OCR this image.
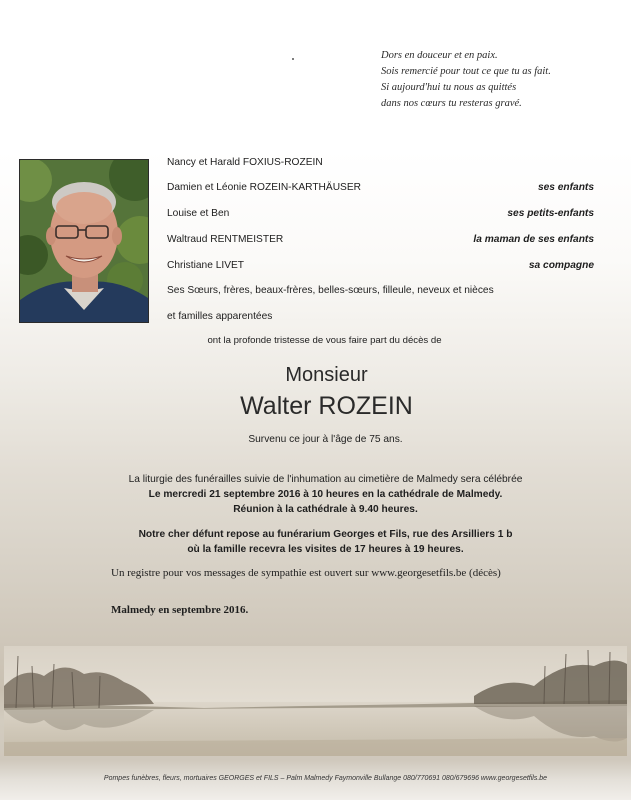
Dors en douceur et en paix.
Sois remercié pour tout ce que tu as fait.
Si aujourd'hui tu nous as quittés
dans nos cœurs tu resteras gravé.
Nancy et Harald FOXIUS-ROZEIN
Damien et Léonie ROZEIN-KARTHÄUSER	ses enfants
Louise et Ben	ses petits-enfants
Waltraud RENTMEISTER	la maman de ses enfants
Christiane LIVET	sa compagne
Ses Sœurs, frères, beaux-frères, belles-sœurs, filleule, neveux et nièces
et familles apparentées
ont la profonde tristesse de vous faire part du décès de
Monsieur
Walter ROZEIN
Survenu ce jour à l'âge de 75 ans.
La liturgie des funérailles suivie de l'inhumation au cimetière de Malmedy sera célébrée
Le mercredi 21 septembre 2016 à 10 heures en la cathédrale de Malmedy.
Réunion à la cathédrale à 9.40 heures.
Notre cher défunt repose au funérarium Georges et Fils, rue des Arsilliers 1 b
où la famille recevra les visites de 17 heures à 19 heures.
Un registre pour vos messages de sympathie est ouvert sur www.georgesetfils.be (décès)
Malmedy en septembre 2016.
Pompes funèbres, fleurs, mortuaires GEORGES et FILS – Palm Malmedy Faymonville Bullange 080/770691 080/679696 www.georgesetfils.be
